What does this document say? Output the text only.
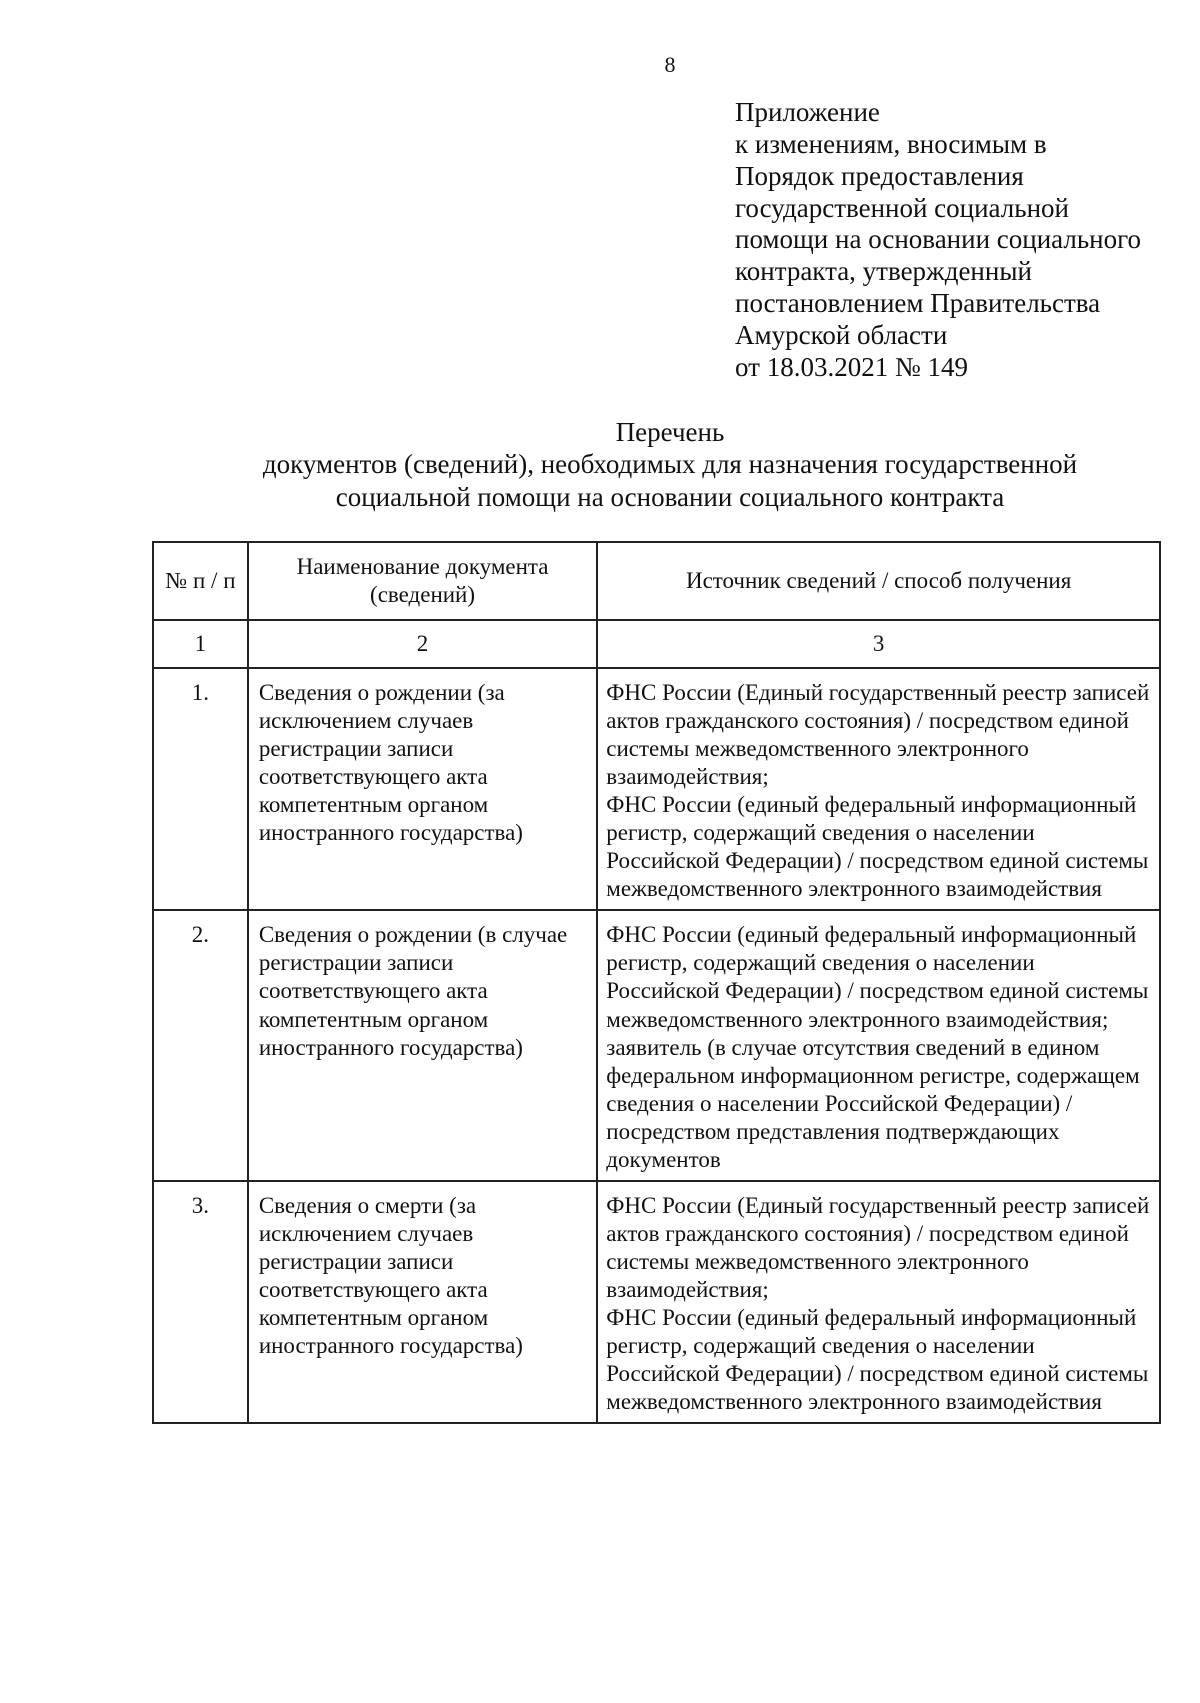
8
Приложение
к изменениям, вносимым в
Порядок предоставления
государственной социальной
помощи на основании социального
контракта, утвержденный
постановлением Правительства
Амурской области
от 18.03.2021 № 149
Перечень
документов (сведений), необходимых для назначения государственной
социальной помощи на основании социального контракта
№ п / п	Наименование документа (сведений)	Источник сведений / способ получения
1	2	3
1.	Сведения о рождении (за исключением случаев регистрации записи соответствующего акта компетентным органом иностранного государства)	ФНС России (Единый государственный реестр записей актов гражданского состояния) / посредством единой системы межведомственного электронного взаимодействия;
ФНС России (единый федеральный информационный регистр, содержащий сведения о населении Российской Федерации) / посредством единой системы межведомственного электронного взаимодействия

2.	Сведения о рождении (в случае регистрации записи соответствующего акта компетентным органом иностранного государства)	ФНС России (единый федеральный информационный регистр, содержащий сведения о населении Российской Федерации) / посредством единой системы межведомственного электронного взаимодействия;
заявитель (в случае отсутствия сведений в едином федеральном информационном регистре, содержащем сведения о населении Российской Федерации) / посредством представления подтверждающих документов

3.	Сведения о смерти (за исключением случаев регистрации записи соответствующего акта компетентным органом иностранного государства)	ФНС России (Единый государственный реестр записей актов гражданского состояния) / посредством единой системы межведомственного электронного взаимодействия;
ФНС России (единый федеральный информационный регистр, содержащий сведения о населении Российской Федерации) / посредством единой системы межведомственного электронного взаимодействия
